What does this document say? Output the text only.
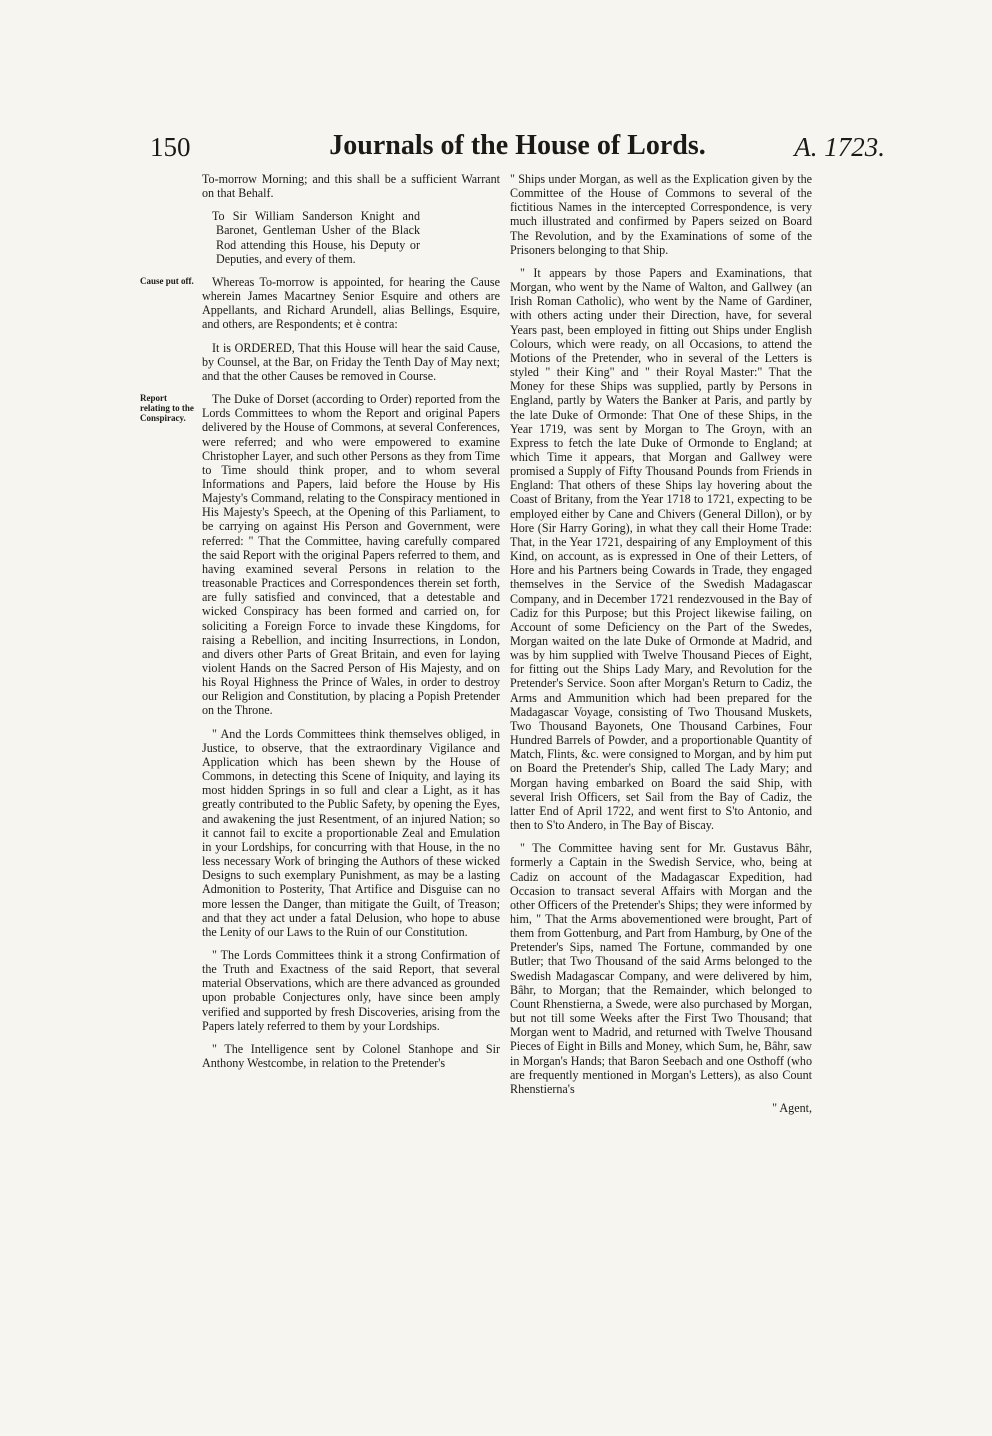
150	Journals of the House of Lords.	A. 1723.

To-morrow Morning; and this shall be a sufficient Warrant on that Behalf.

To Sir William Sanderson Knight and Baronet, Gentleman Usher of the Black Rod attending this House, his Deputy or Deputies, and every of them.

Cause put off.	Whereas To-morrow is appointed, for hearing the Cause wherein James Macartney Senior Esquire and others are Appellants, and Richard Arundell, alias Bellings, Esquire, and others, are Respondents; et è contra:

It is ORDERED, That this House will hear the said Cause, by Counsel, at the Bar, on Friday the Tenth Day of May next; and that the other Causes be removed in Course.

Report relating to the Conspiracy.
The Duke of Dorset (according to Order) reported from the Lords Committees to whom the Report and original Papers delivered by the House of Commons, at several Conferences, were referred; and who were empowered to examine Christopher Layer, and such other Persons as they from Time to Time should think proper, and to whom several Informations and Papers, laid before the House by His Majesty's Command, relating to the Conspiracy mentioned in His Majesty's Speech, at the Opening of this Parliament, to be carrying on against His Person and Government, were referred: " That the Committee, having carefully compared the said Report with the original Papers referred to them, and having examined several Persons in relation to the treasonable Practices and Correspondences therein set forth, are fully satisfied and convinced, that a detestable and wicked Conspiracy has been formed and carried on, for soliciting a Foreign Force to invade these Kingdoms, for raising a Rebellion, and inciting Insurrections, in London, and divers other Parts of Great Britain, and even for laying violent Hands on the Sacred Person of His Majesty, and on his Royal Highness the Prince of Wales, in order to destroy our Religion and Constitution, by placing a Popish Pretender on the Throne.

" And the Lords Committees think themselves obliged, in Justice, to observe, that the extraordinary Vigilance and Application which has been shewn by the House of Commons, in detecting this Scene of Iniquity, and laying its most hidden Springs in so full and clear a Light, as it has greatly contributed to the Public Safety, by opening the Eyes, and awakening the just Resentment, of an injured Nation; so it cannot fail to excite a proportionable Zeal and Emulation in your Lordships, for concurring with that House, in the no less necessary Work of bringing the Authors of these wicked Designs to such exemplary Punishment, as may be a lasting Admonition to Posterity, That Artifice and Disguise can no more lessen the Danger, than mitigate the Guilt, of Treason; and that they act under a fatal Delusion, who hope to abuse the Lenity of our Laws to the Ruin of our Constitution.

" The Lords Committees think it a strong Confirmation of the Truth and Exactness of the said Report, that several material Observations, which are there advanced as grounded upon probable Conjectures only, have since been amply verified and supported by fresh Discoveries, arising from the Papers lately referred to them by your Lordships.

" The Intelligence sent by Colonel Stanhope and Sir Anthony Westcombe, in relation to the Pretender's

" Ships under Morgan, as well as the Explication given by the Committee of the House of Commons to several of the fictitious Names in the intercepted Correspondence, is very much illustrated and confirmed by Papers seized on Board The Revolution, and by the Examinations of some of the Prisoners belonging to that Ship.

" It appears by those Papers and Examinations, that Morgan, who went by the Name of Walton, and Gallwey (an Irish Roman Catholic), who went by the Name of Gardiner, with others acting under their Direction, have, for several Years past, been employed in fitting out Ships under English Colours, which were ready, on all Occasions, to attend the Motions of the Pretender, who in several of the Letters is styled " their King" and " their Royal Master:" That the Money for these Ships was supplied, partly by Persons in England, partly by Waters the Banker at Paris, and partly by the late Duke of Ormonde: That One of these Ships, in the Year 1719, was sent by Morgan to The Groyn, with an Express to fetch the late Duke of Ormonde to England; at which Time it appears, that Morgan and Gallwey were promised a Supply of Fifty Thousand Pounds from Friends in England: That others of these Ships lay hovering about the Coast of Britany, from the Year 1718 to 1721, expecting to be employed either by Cane and Chivers (General Dillon), or by Hore (Sir Harry Goring), in what they call their Home Trade: That, in the Year 1721, despairing of any Employment of this Kind, on account, as is expressed in One of their Letters, of Hore and his Partners being Cowards in Trade, they engaged themselves in the Service of the Swedish Madagascar Company, and in December 1721 rendezvoused in the Bay of Cadiz for this Purpose; but this Project likewise failing, on Account of some Deficiency on the Part of the Swedes, Morgan waited on the late Duke of Ormonde at Madrid, and was by him supplied with Twelve Thousand Pieces of Eight, for fitting out the Ships Lady Mary, and Revolution for the Pretender's Service. Soon after Morgan's Return to Cadiz, the Arms and Ammunition which had been prepared for the Madagascar Voyage, consisting of Two Thousand Muskets, Two Thousand Bayonets, One Thousand Carbines, Four Hundred Barrels of Powder, and a proportionable Quantity of Match, Flints, &c. were consigned to Morgan, and by him put on Board the Pretender's Ship, called The Lady Mary; and Morgan having embarked on Board the said Ship, with several Irish Officers, set Sail from the Bay of Cadiz, the latter End of April 1722, and went first to S'to Antonio, and then to S'to Andero, in The Bay of Biscay.

" The Committee having sent for Mr. Gustavus Bâhr, formerly a Captain in the Swedish Service, who, being at Cadiz on account of the Madagascar Expedition, had Occasion to transact several Affairs with Morgan and the other Officers of the Pretender's Ships; they were informed by him, " That the Arms abovementioned were brought, Part of them from Gottenburg, and Part from Hamburg, by One of the Pretender's Sips, named The Fortune, commanded by one Butler; that Two Thousand of the said Arms belonged to the Swedish Madagascar Company, and were delivered by him, Bâhr, to Morgan; that the Remainder, which belonged to Count Rhenstierna, a Swede, were also purchased by Morgan, but not till some Weeks after the First Two Thousand; that Morgan went to Madrid, and returned with Twelve Thousand Pieces of Eight in Bills and Money, which Sum, he, Bâhr, saw in Morgan's Hands; that Baron Seebach and one Osthoff (who are frequently mentioned in Morgan's Letters), as also Count Rhenstierna's

" Agent,
